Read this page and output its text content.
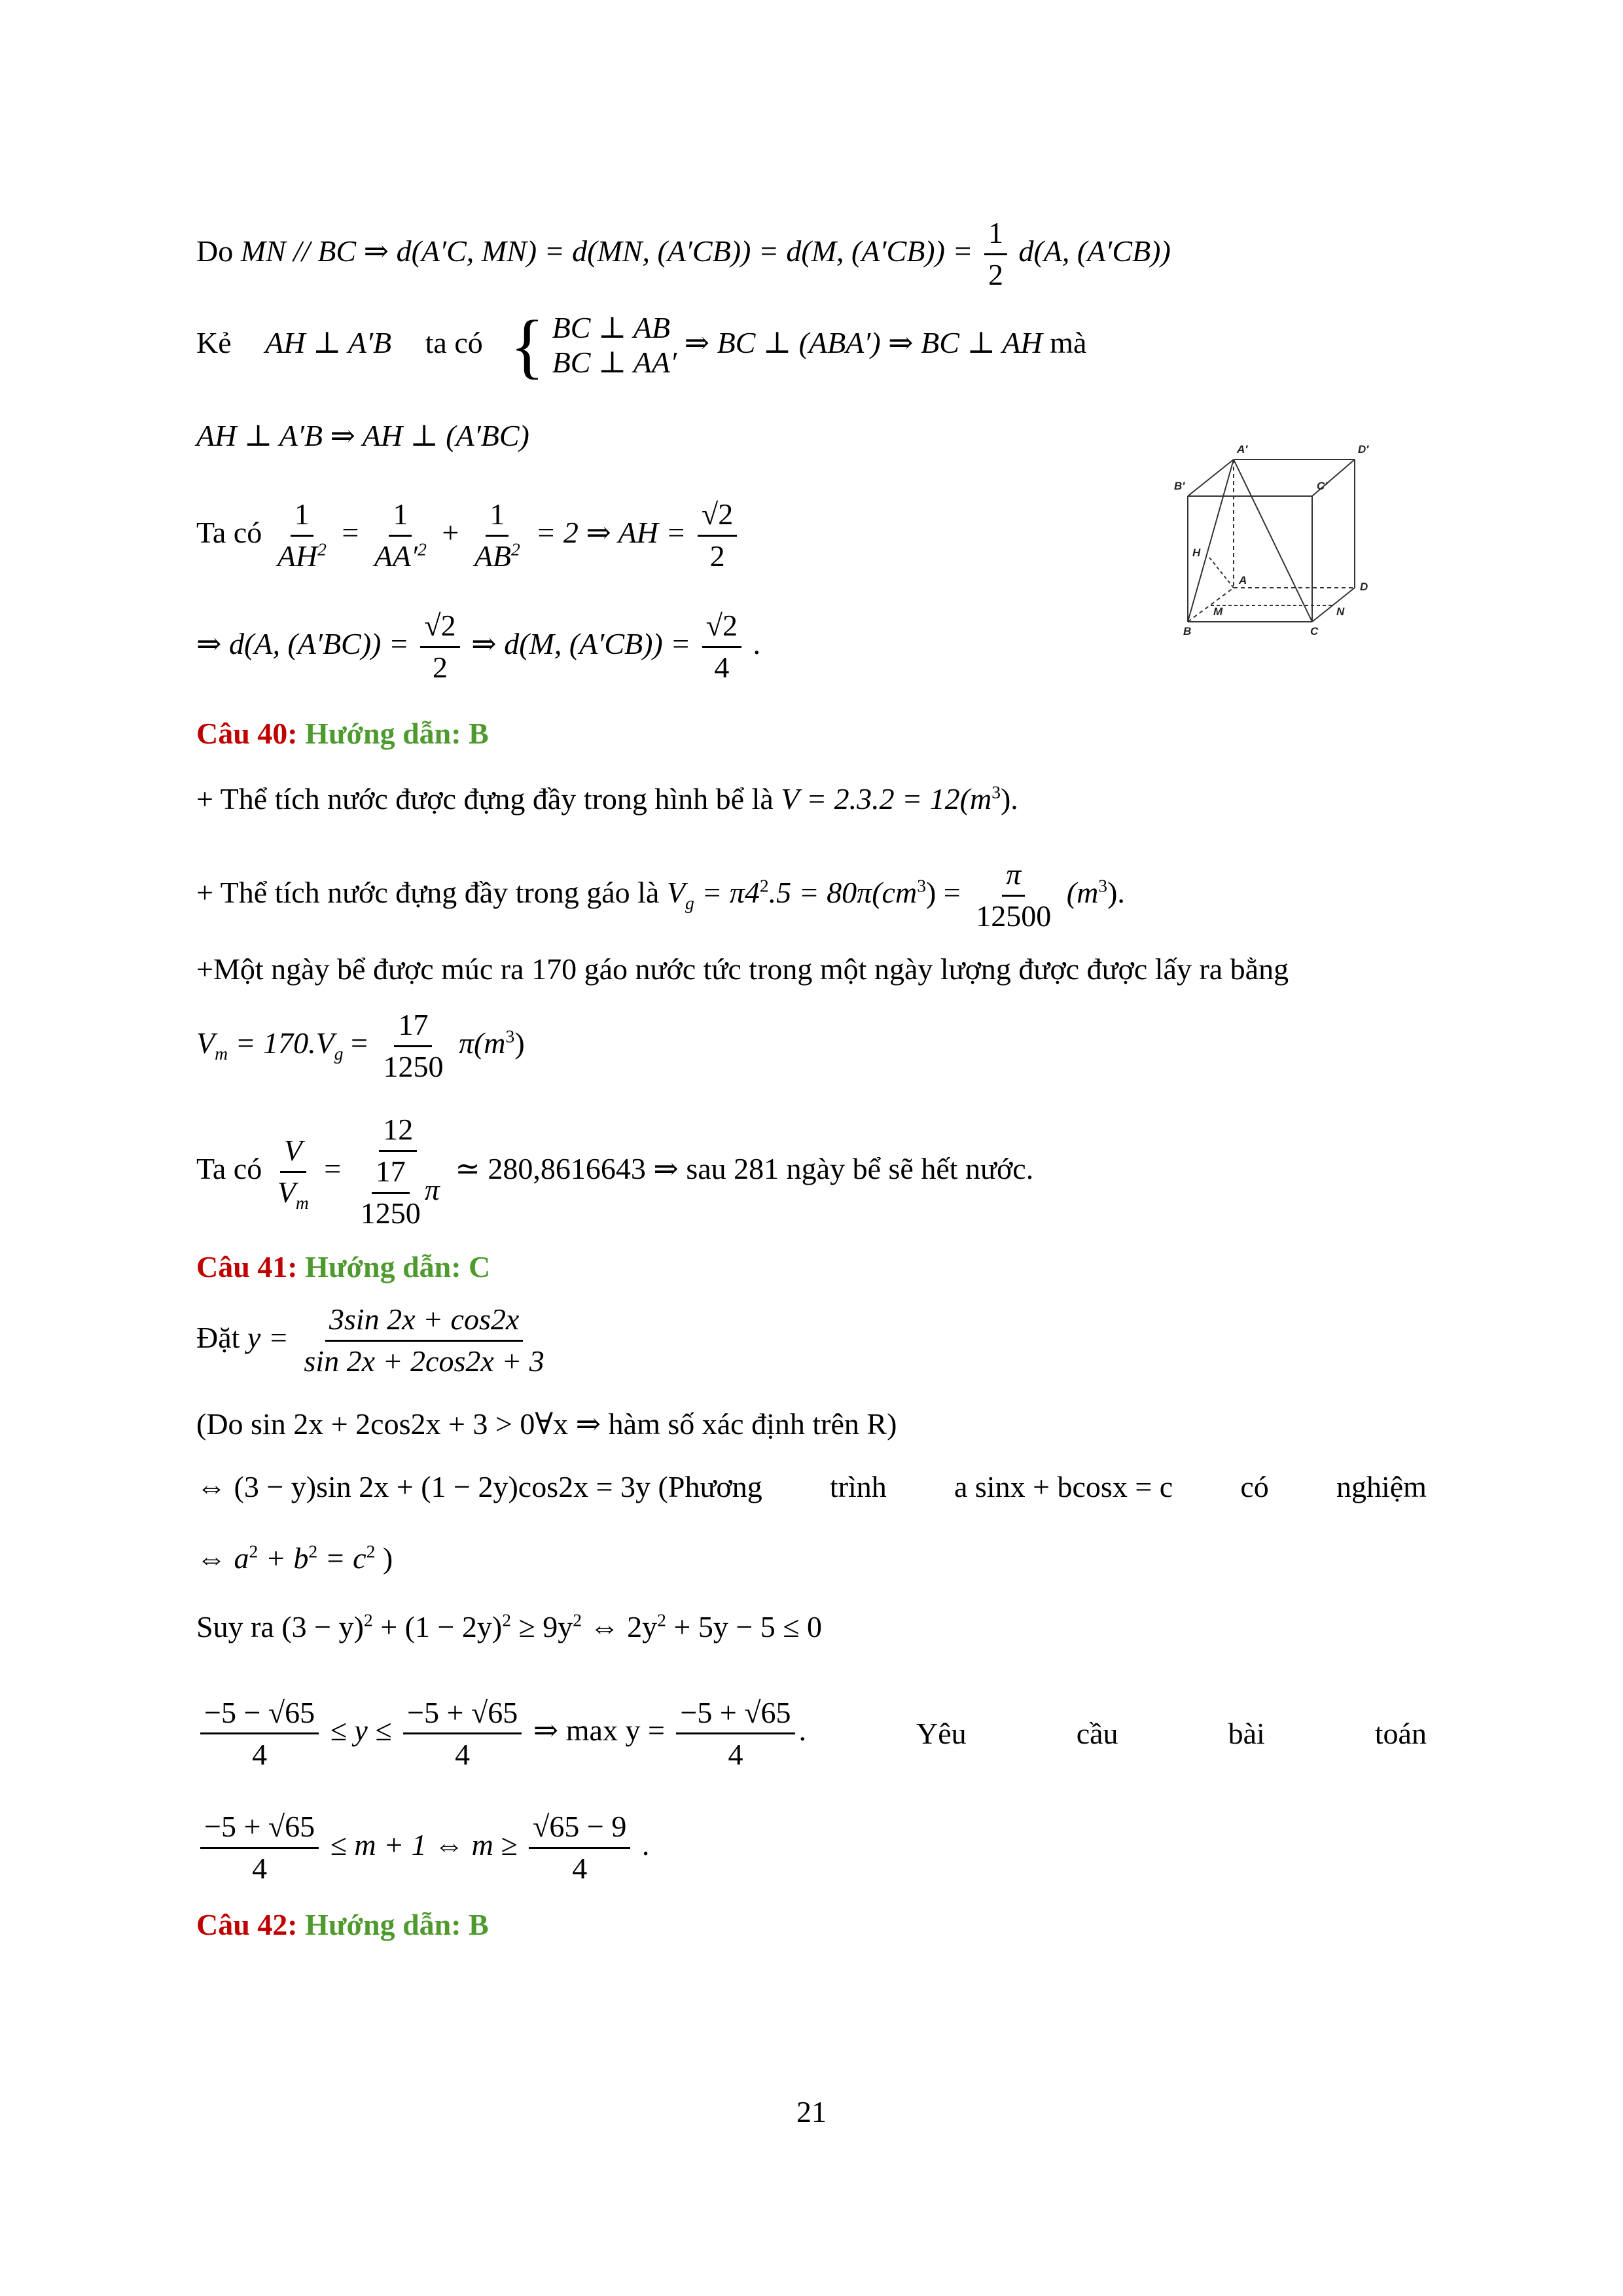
Do MN // BC ⇒ d(A′C, MN) = d(MN, (A′CB)) = d(M, $(A'CB)) = \frac{1}{2} d(A$, (A′CB))
Kẻ AH ⊥ A′B ta có { BC ⊥ AB
BC ⊥ AA′
⇒ BC ⊥ (ABA′) ⇒ BC ⊥ AH mà
AH ⊥ A′B ⇒ AH ⊥ (A′BC)	A′	D′
B′	C′
H
A
D
M	N
B	C
Ta có $\frac{1}{AH^2} = \frac{1}{AA'^2} + \frac{1}{AB^2} = 2$ ⇒ AH = $\frac{√2}{2}$
⇒ d(A, $(A'BC)) = \frac{√2}{2}$ ⇒ d(M, $(A'CB)) = \frac{√2}{4}$ .
Câu 40: Hướng dẫn: B
+ Thể tích nước được đựng đầy trong hình bể là $V = 2.3.2 = 12(m^3)$.
+ Thể tích nước đựng đầy trong gáo là $V_g = \pi 4^2.5 = 80\pi(cm^3) = \frac{\pi}{12500} (m^3)$.
+Một ngày bể được múc ra 170 gáo nước tức trong một ngày lượng được được lấy ra bằng
$V_m = 170.V_g = \frac{17}{1250} \pi(m^3)$
Ta có $\frac{V}{V_m} = \frac{12}{\frac{17}{1250} \pi}$ ≃ 280,8616643 ⇒ sau 281 ngày bể sẽ hết nước.
Câu 41: Hướng dẫn: C
Đặt $y = \frac{3\sin 2x + \cos 2x}{\sin 2x + 2\cos 2x + 3}$
(Do sin 2x + 2cos2x + 3 > 0∀x ⇒ hàm số xác định trên R)
⇔ (3 − y)sin 2x + (1 − 2y)cos2x = 3y (Phương trình a sinx + bcosx = c có nghiệm
⇔ $a^2 + b^2 = c^2$ )
Suy ra $(3 - y)^2 + (1 - 2y)^2 \ge 9y^2$ ⇔ $2y^2 + 5y - 5 \le 0$
$\frac{-5 - √65}{4} \le y \le \frac{-5 + √65}{4}$ ⇒ $\max y = \frac{-5 + √65}{4}$ .	Yêu	cầu	bài	toán
$\frac{-5 + √65}{4} \le m + 1$ ⇔ $m \ge \frac{√65 - 9}{4}$ .
Câu 42: Hướng dẫn: B
21
